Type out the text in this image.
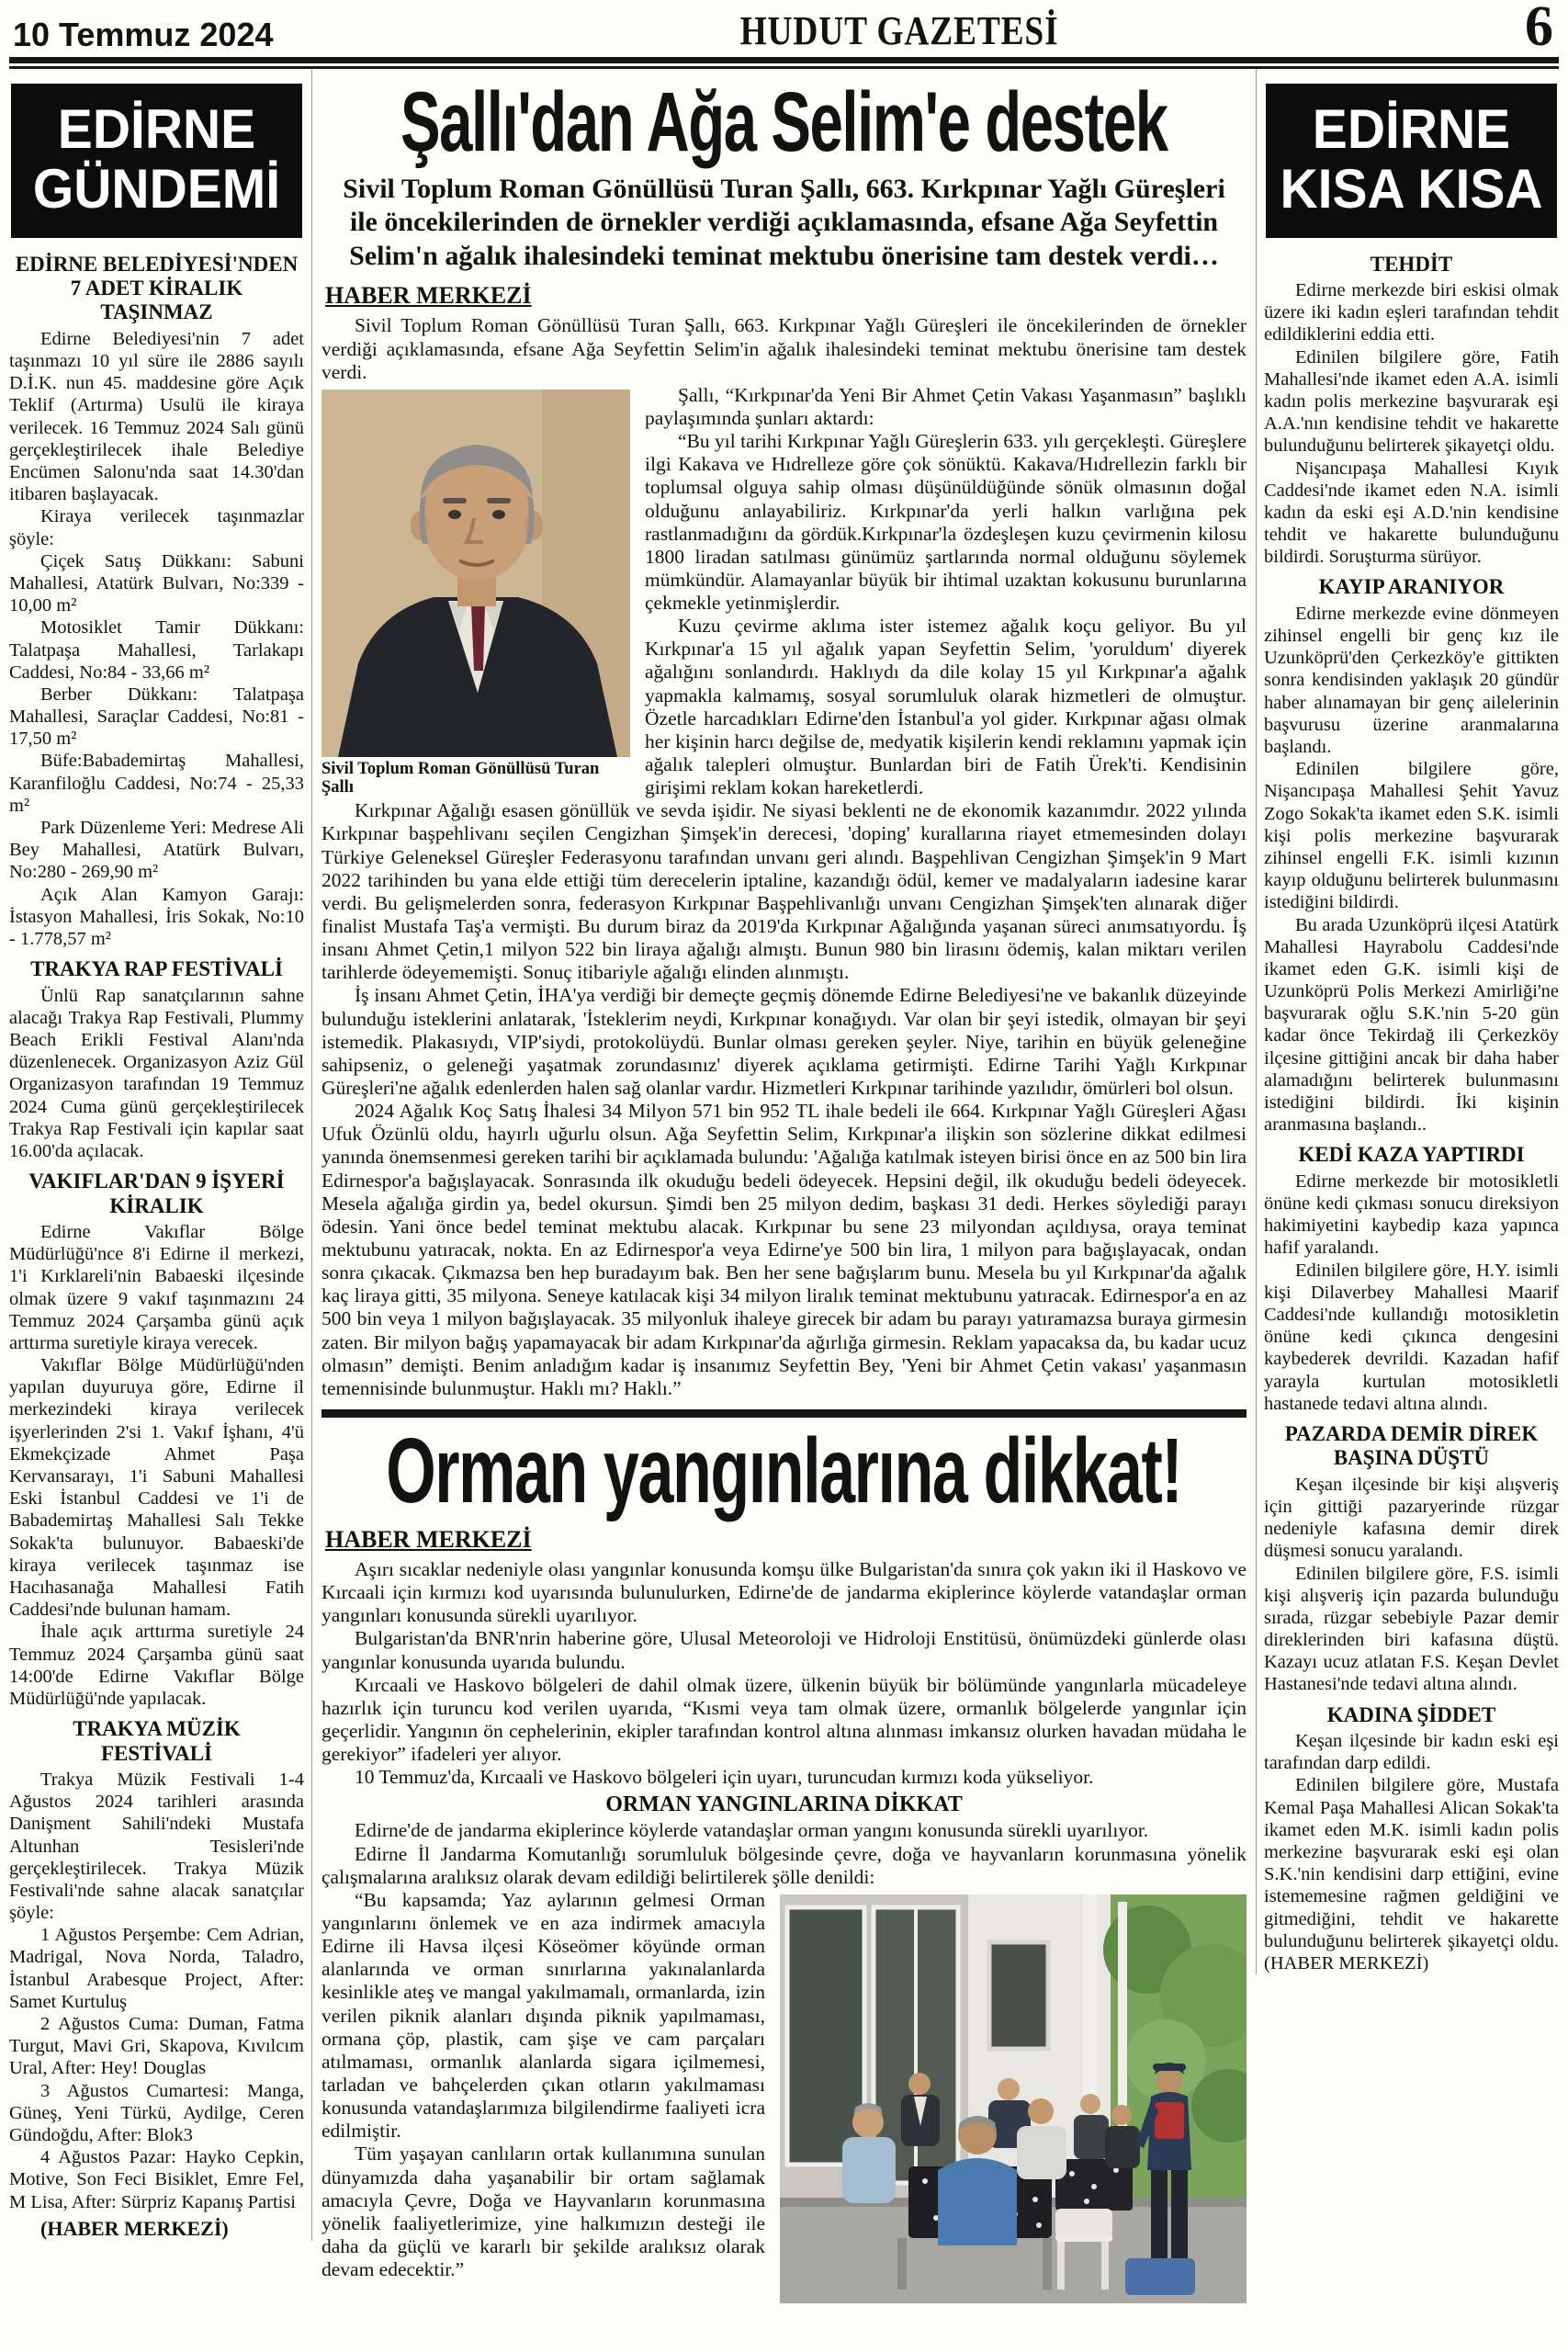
10 Temmuz 2024	HUDUT GAZETESİ	6
EDİRNE
GÜNDEMİ

EDİRNE BELEDİYESİ'NDEN 7 ADET KİRALIK TAŞINMAZ

Edirne Belediyesi'nin 7 adet taşınmazı 10 yıl süre ile 2886 sayılı D.İ.K. nun 45. maddesine göre Açık Teklif (Artırma) Usulü ile kiraya verilecek. 16 Temmuz 2024 Salı günü gerçekleştirilecek ihale Belediye Encümen Salonu'nda saat 14.30'dan itibaren başlayacak.

Kiraya verilecek taşınmazlar şöyle:

Çiçek Satış Dükkanı: Sabuni Mahallesi, Atatürk Bulvarı, No:339 - 10,00 m²

Motosiklet Tamir Dükkanı: Talatpaşa Mahallesi, Tarlakapı Caddesi, No:84 - 33,66 m²

Berber Dükkanı: Talatpaşa Mahallesi, Saraçlar Caddesi, No:81 - 17,50 m²

Büfe:Babademirtaş Mahallesi, Karanfiloğlu Caddesi, No:74 - 25,33 m²

Park Düzenleme Yeri: Medrese Ali Bey Mahallesi, Atatürk Bulvarı, No:280 - 269,90 m²

Açık Alan Kamyon Garajı: İstasyon Mahallesi, İris Sokak, No:10 - 1.778,57 m²

TRAKYA RAP FESTİVALİ

Ünlü Rap sanatçılarının sahne alacağı Trakya Rap Festivali, Plummy Beach Erikli Festival Alanı'nda düzenlenecek. Organizasyon Aziz Gül Organizasyon tarafından 19 Temmuz 2024 Cuma günü gerçekleştirilecek Trakya Rap Festivali için kapılar saat 16.00'da açılacak.

VAKIFLAR'DAN 9 İŞYERİ KİRALIK

Edirne Vakıflar Bölge Müdürlüğü'nce 8'i Edirne il merkezi, 1'i Kırklareli'nin Babaeski ilçesinde olmak üzere 9 vakıf taşınmazını 24 Temmuz 2024 Çarşamba günü açık arttırma suretiyle kiraya verecek.

Vakıflar Bölge Müdürlüğü'nden yapılan duyuruya göre, Edirne il merkezindeki kiraya verilecek işyerlerinden 2'si 1. Vakıf İşhanı, 4'ü Ekmekçizade Ahmet Paşa Kervansarayı, 1'i Sabuni Mahallesi Eski İstanbul Caddesi ve 1'i de Babademirtaş Mahallesi Salı Tekke Sokak'ta bulunuyor. Babaeski'de kiraya verilecek taşınmaz ise Hacıhasanağa Mahallesi Fatih Caddesi'nde bulunan hamam.

İhale açık arttırma suretiyle 24 Temmuz 2024 Çarşamba günü saat 14:00'de Edirne Vakıflar Bölge Müdürlüğü'nde yapılacak.

TRAKYA MÜZİK FESTİVALİ

Trakya Müzik Festivali 1-4 Ağustos 2024 tarihleri arasında Danişment Sahili'ndeki Mustafa Altunhan Tesisleri'nde gerçekleştirilecek. Trakya Müzik Festivali'nde sahne alacak sanatçılar şöyle:

1 Ağustos Perşembe: Cem Adrian, Madrigal, Nova Norda, Taladro, İstanbul Arabesque Project, After: Samet Kurtuluş

2 Ağustos Cuma: Duman, Fatma Turgut, Mavi Gri, Skapova, Kıvılcım Ural, After: Hey! Douglas

3 Ağustos Cumartesi: Manga, Güneş, Yeni Türkü, Aydilge, Ceren Gündoğdu, After: Blok3

4 Ağustos Pazar: Hayko Cepkin, Motive, Son Feci Bisiklet, Emre Fel, M Lisa, After: Sürpriz Kapanış Partisi

(HABER MERKEZİ)

Şallı'dan Ağa Selim'e destek

Sivil Toplum Roman Gönüllüsü Turan Şallı, 663. Kırkpınar Yağlı Güreşleri ile öncekilerinden de örnekler verdiği açıklamasında, efsane Ağa Seyfettin Selim'n ağalık ihalesindeki teminat mektubu önerisine tam destek verdi…

HABER MERKEZİ

Sivil Toplum Roman Gönüllüsü Turan Şallı, 663. Kırkpınar Yağlı Güreşleri ile öncekilerinden de örnekler verdiği açıklamasında, efsane Ağa Seyfettin Selim'in ağalık ihalesindeki teminat mektubu önerisine tam destek verdi.

Sivil Toplum Roman Gönüllüsü Turan Şallı

Şallı, “Kırkpınar'da Yeni Bir Ahmet Çetin Vakası Yaşanmasın” başlıklı paylaşımında şunları aktardı:

“Bu yıl tarihi Kırkpınar Yağlı Güreşlerin 633. yılı gerçekleşti. Güreşlere ilgi Kakava ve Hıdrelleze göre çok sönüktü. Kakava/Hıdrellezin farklı bir toplumsal olguya sahip olması düşünüldüğünde sönük olmasının doğal olduğunu anlayabiliriz. Kırkpınar'da yerli halkın varlığına pek rastlanmadığını da gördük.Kırkpınar'la özdeşleşen kuzu çevirmenin kilosu 1800 liradan satılması günümüz şartlarında normal olduğunu söylemek mümkündür. Alamayanlar büyük bir ihtimal uzaktan kokusunu burunlarına çekmekle yetinmişlerdir.

Kuzu çevirme aklıma ister istemez ağalık koçu geliyor. Bu yıl Kırkpınar'a 15 yıl ağalık yapan Seyfettin Selim, 'yoruldum' diyerek ağalığını sonlandırdı. Haklıydı da dile kolay 15 yıl Kırkpınar'a ağalık yapmakla kalmamış, sosyal sorumluluk olarak hizmetleri de olmuştur. Özetle harcadıkları Edirne'den İstanbul'a yol gider. Kırkpınar ağası olmak her kişinin harcı değilse de, medyatik kişilerin kendi reklamını yapmak için ağalık talepleri olmuştur. Bunlardan biri de Fatih Ürek'ti. Kendisinin girişimi reklam kokan hareketlerdi.

Kırkpınar Ağalığı esasen gönüllük ve sevda işidir. Ne siyasi beklenti ne de ekonomik kazanımdır. 2022 yılında Kırkpınar başpehlivanı seçilen Cengizhan Şimşek'in derecesi, 'doping' kurallarına riayet etmemesinden dolayı Türkiye Geleneksel Güreşler Federasyonu tarafından unvanı geri alındı. Başpehlivan Cengizhan Şimşek'in 9 Mart 2022 tarihinden bu yana elde ettiği tüm derecelerin iptaline, kazandığı ödül, kemer ve madalyaların iadesine karar verdi. Bu gelişmelerden sonra, federasyon Kırkpınar Başpehlivanlığı unvanı Cengizhan Şimşek'ten alınarak diğer finalist Mustafa Taş'a vermişti. Bu durum biraz da 2019'da Kırkpınar Ağalığında yaşanan süreci anımsatıyordu. İş insanı Ahmet Çetin,1 milyon 522 bin liraya ağalığı almıştı. Bunun 980 bin lirasını ödemiş, kalan miktarı verilen tarihlerde ödeyememişti. Sonuç itibariyle ağalığı elinden alınmıştı.

İş insanı Ahmet Çetin, İHA'ya verdiği bir demeçte geçmiş dönemde Edirne Belediyesi'ne ve bakanlık düzeyinde bulunduğu isteklerini anlatarak, 'İsteklerim neydi, Kırkpınar konağıydı. Var olan bir şeyi istedik, olmayan bir şeyi istemedik. Plakasıydı, VIP'siydi, protokolüydü. Bunlar olması gereken şeyler. Niye, tarihin en büyük geleneğine sahipseniz, o geleneği yaşatmak zorundasınız' diyerek açıklama getirmişti. Edirne Tarihi Yağlı Kırkpınar Güreşleri'ne ağalık edenlerden halen sağ olanlar vardır. Hizmetleri Kırkpınar tarihinde yazılıdır, ömürleri bol olsun.

2024 Ağalık Koç Satış İhalesi 34 Milyon 571 bin 952 TL ihale bedeli ile 664. Kırkpınar Yağlı Güreşleri Ağası Ufuk Özünlü oldu, hayırlı uğurlu olsun. Ağa Seyfettin Selim, Kırkpınar'a ilişkin son sözlerine dikkat edilmesi yanında önemsenmesi gereken tarihi bir açıklamada bulundu: 'Ağalığa katılmak isteyen birisi önce en az 500 bin lira Edirnespor'a bağışlayacak. Sonrasında ilk okuduğu bedeli ödeyecek. Hepsini değil, ilk okuduğu bedeli ödeyecek. Mesela ağalığa girdin ya, bedel okursun. Şimdi ben 25 milyon dedim, başkası 31 dedi. Herkes söylediği parayı ödesin. Yani önce bedel teminat mektubu alacak. Kırkpınar bu sene 23 milyondan açıldıysa, oraya teminat mektubunu yatıracak, nokta. En az Edirnespor'a veya Edirne'ye 500 bin lira, 1 milyon para bağışlayacak, ondan sonra çıkacak. Çıkmazsa ben hep buradayım bak. Ben her sene bağışlarım bunu. Mesela bu yıl Kırkpınar'da ağalık kaç liraya gitti, 35 milyona. Seneye katılacak kişi 34 milyon liralık teminat mektubunu yatıracak. Edirnespor'a en az 500 bin veya 1 milyon bağışlayacak. 35 milyonluk ihaleye girecek bir adam bu parayı yatıramazsa buraya girmesin zaten. Bir milyon bağış yapamayacak bir adam Kırkpınar'da ağırlığa girmesin. Reklam yapacaksa da, bu kadar ucuz olmasın” demişti. Benim anladığım kadar iş insanımız Seyfettin Bey, 'Yeni bir Ahmet Çetin vakası' yaşanmasın temennisinde bulunmuştur. Haklı mı? Haklı.”

Orman yangınlarına dikkat!
HABER MERKEZİ

Aşırı sıcaklar nedeniyle olası yangınlar konusunda komşu ülke Bulgaristan'da sınıra çok yakın iki il Haskovo ve Kırcaali için kırmızı kod uyarısında bulunulurken, Edirne'de de jandarma ekiplerince köylerde vatandaşlar orman yangınları konusunda sürekli uyarılıyor.

Bulgaristan'da BNR'nrin haberine göre, Ulusal Meteoroloji ve Hidroloji Enstitüsü, önümüzdeki günlerde olası yangınlar konusunda uyarıda bulundu.

Kırcaali ve Haskovo bölgeleri de dahil olmak üzere, ülkenin büyük bir bölümünde yangınlarla mücadeleye hazırlık için turuncu kod verilen uyarıda, “Kısmi veya tam olmak üzere, ormanlık bölgelerde yangınlar için geçerlidir. Yangının ön cephelerinin, ekipler tarafından kontrol altına alınması imkansız olurken havadan müdaha le gerekiyor” ifadeleri yer alıyor.

10 Temmuz'da, Kırcaali ve Haskovo bölgeleri için uyarı, turuncudan kırmızı koda yükseliyor.

ORMAN YANGINLARINA DİKKAT

Edirne'de de jandarma ekiplerince köylerde vatandaşlar orman yangını konusunda sürekli uyarılıyor.

Edirne İl Jandarma Komutanlığı sorumluluk bölgesinde çevre, doğa ve hayvanların korunmasına yönelik çalışmalarına aralıksız olarak devam edildiği belirtilerek şölle denildi:

“Bu kapsamda; Yaz aylarının gelmesi Orman yangınlarını önlemek ve en aza indirmek amacıyla Edirne ili Havsa ilçesi Köseömer köyünde orman alanlarında ve orman sınırlarına yakınalanlarda kesinlikle ateş ve mangal yakılmamalı, ormanlarda, izin verilen piknik alanları dışında piknik yapılmaması, ormana çöp, plastik, cam şişe ve cam parçaları atılmaması, ormanlık alanlarda sigara içilmemesi, tarladan ve bahçelerden çıkan otların yakılmaması konusunda vatandaşlarımıza bilgilendirme faaliyeti icra edilmiştir.

Tüm yaşayan canlıların ortak kullanımına sunulan dünyamızda daha yaşanabilir bir ortam sağlamak amacıyla Çevre, Doğa ve Hayvanların korunmasına yönelik faaliyetlerimize, yine halkımızın desteği ile daha da güçlü ve kararlı bir şekilde aralıksız olarak devam edecektir.”

EDİRNE
KISA KISA

TEHDİT

Edirne merkezde biri eskisi olmak üzere iki kadın eşleri tarafından tehdit edildiklerini eddia etti.

Edinilen bilgilere göre, Fatih Mahallesi'nde ikamet eden A.A. isimli kadın polis merkezine başvurarak eşi A.A.'nın kendisine tehdit ve hakarette bulunduğunu belirterek şikayetçi oldu.

Nişancıpaşa Mahallesi Kıyık Caddesi'nde ikamet eden N.A. isimli kadın da eski eşi A.D.'nin kendisine tehdit ve hakarette bulunduğunu bildirdi. Soruşturma sürüyor.

KAYIP ARANIYOR

Edirne merkezde evine dönmeyen zihinsel engelli bir genç kız ile Uzunköprü'den Çerkezköy'e gittikten sonra kendisinden yaklaşık 20 gündür haber alınamayan bir genç ailelerinin başvurusu üzerine aranmalarına başlandı.

Edinilen bilgilere göre, Nişancıpaşa Mahallesi Şehit Yavuz Zogo Sokak'ta ikamet eden S.K. isimli kişi polis merkezine başvurarak zihinsel engelli F.K. isimli kızının kayıp olduğunu belirterek bulunmasını istediğini bildirdi.

Bu arada Uzunköprü ilçesi Atatürk Mahallesi Hayrabolu Caddesi'nde ikamet eden G.K. isimli kişi de Uzunköprü Polis Merkezi Amirliği'ne başvurarak oğlu S.K.'nin 5-20 gün kadar önce Tekirdağ ili Çerkezköy ilçesine gittiğini ancak bir daha haber alamadığını belirterek bulunmasını istediğini bildirdi. İki kişinin aranmasına başlandı..

KEDİ KAZA YAPTIRDI

Edirne merkezde bir motosikletli önüne kedi çıkması sonucu direksiyon hakimiyetini kaybedip kaza yapınca hafif yaralandı.

Edinilen bilgilere göre, H.Y. isimli kişi Dilaverbey Mahallesi Maarif Caddesi'nde kullandığı motosikletin önüne kedi çıkınca dengesini kaybederek devrildi. Kazadan hafif yarayla kurtulan motosikletli hastanede tedavi altına alındı.

PAZARDA DEMİR DİREK BAŞINA DÜŞTÜ

Keşan ilçesinde bir kişi alışveriş için gittiği pazaryerinde rüzgar nedeniyle kafasına demir direk düşmesi sonucu yaralandı.

Edinilen bilgilere göre, F.S. isimli kişi alışveriş için pazarda bulunduğu sırada, rüzgar sebebiyle Pazar demir direklerinden biri kafasına düştü. Kazayı ucuz atlatan F.S. Keşan Devlet Hastanesi'nde tedavi altına alındı.

KADINA ŞİDDET

Keşan ilçesinde bir kadın eski eşi tarafından darp edildi.

Edinilen bilgilere göre, Mustafa Kemal Paşa Mahallesi Alican Sokak'ta ikamet eden M.K. isimli kadın polis merkezine başvurarak eski eşi olan S.K.'nin kendisini darp ettiğini, evine istememesine rağmen geldiğini ve gitmediğini, tehdit ve hakarette bulunduğunu belirterek şikayetçi oldu. (HABER MERKEZİ)
